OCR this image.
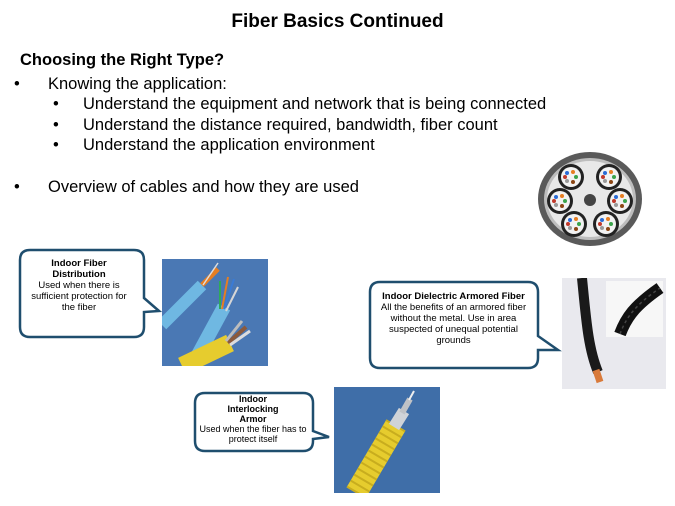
Fiber Basics Continued
Choosing the Right Type?
• Knowing the application:
• Understand the equipment and network that is being connected
• Understand the distance required, bandwidth, fiber count
• Understand the application environment
• Overview of cables and how they are used
Indoor Fiber Distribution
Used when there is sufficient protection for the fiber
Indoor Dielectric Armored Fiber
All the benefits of an armored fiber without the metal. Use in area suspected of unequal potential grounds
Indoor Interlocking Armor
Used when the fiber has to protect itself
